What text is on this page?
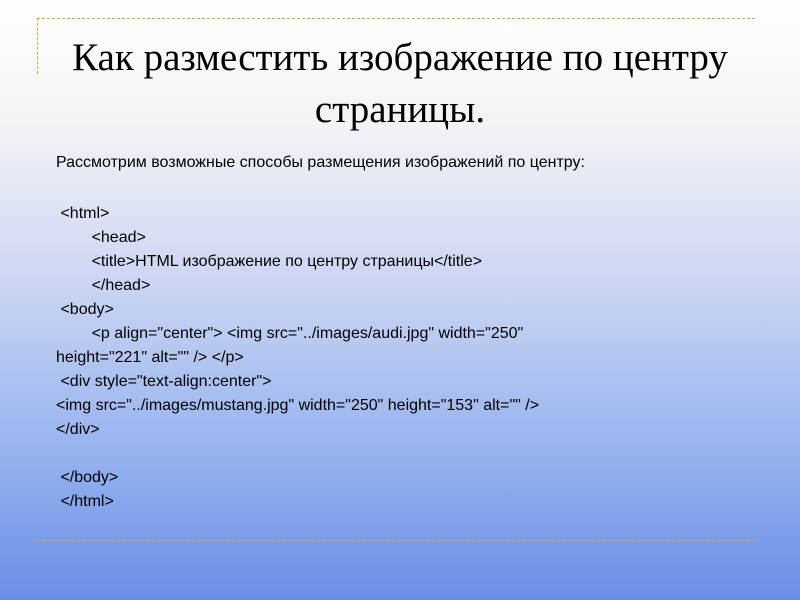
Как разместить изображение по центру страницы.
Рассмотрим возможные способы размещения изображений по центру:
<html>
<head>
<title>HTML изображение по центру страницы</title>
</head>
<body>
<p align="center"> <img src="../images/audi.jpg" width="250"
height="221" alt="" /> </p>
<div style="text-align:center">
<img src="../images/mustang.jpg" width="250" height="153" alt="" />
</div>
</body>
</html>
